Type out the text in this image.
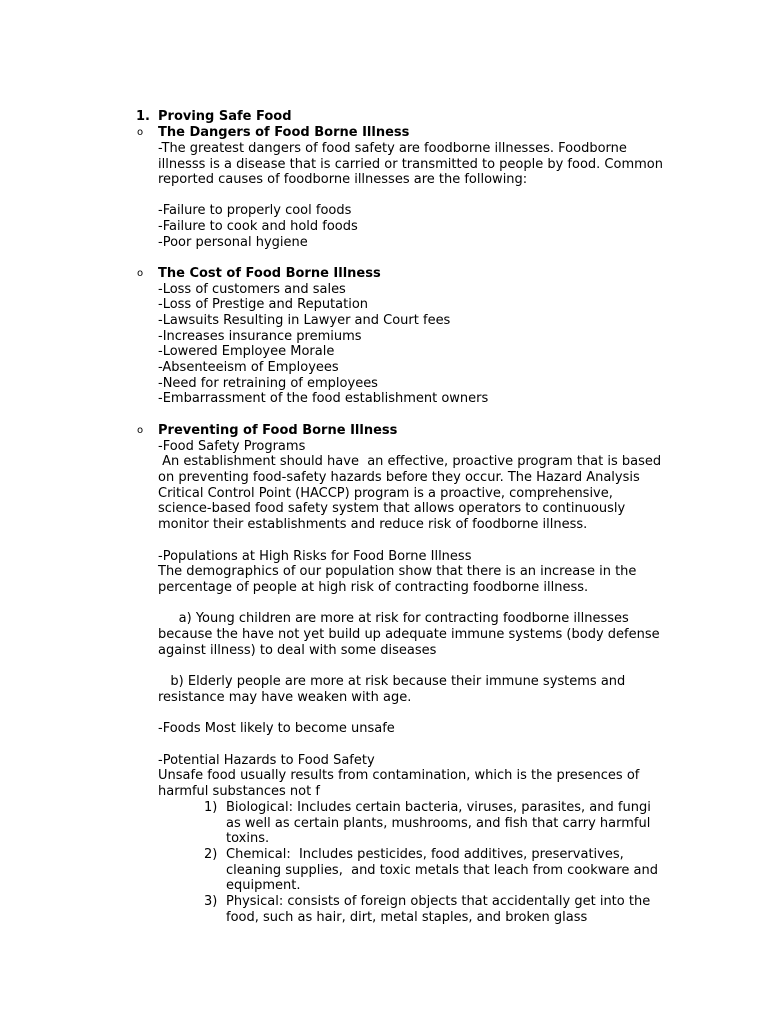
1. Proving Safe Food
o The Dangers of Food Borne Illness
-The greatest dangers of food safety are foodborne illnesses. Foodborne
illnesss is a disease that is carried or transmitted to people by food. Common
reported causes of foodborne illnesses are the following:
-Failure to properly cool foods
-Failure to cook and hold foods
-Poor personal hygiene
o The Cost of Food Borne Illness
-Loss of customers and sales
-Loss of Prestige and Reputation
-Lawsuits Resulting in Lawyer and Court fees
-Increases insurance premiums
-Lowered Employee Morale
-Absenteeism of Employees
-Need for retraining of employees
-Embarrassment of the food establishment owners
o Preventing of Food Borne Illness
-Food Safety Programs
An establishment should have  an effective, proactive program that is based
on preventing food-safety hazards before they occur. The Hazard Analysis
Critical Control Point (HACCP) program is a proactive, comprehensive,
science-based food safety system that allows operators to continuously
monitor their establishments and reduce risk of foodborne illness.
-Populations at High Risks for Food Borne Illness
The demographics of our population show that there is an increase in the
percentage of people at high risk of contracting foodborne illness.
a) Young children are more at risk for contracting foodborne illnesses
because the have not yet build up adequate immune systems (body defense
against illness) to deal with some diseases
b) Elderly people are more at risk because their immune systems and
resistance may have weaken with age.
-Foods Most likely to become unsafe
-Potential Hazards to Food Safety
Unsafe food usually results from contamination, which is the presences of
harmful substances not f
1) Biological: Includes certain bacteria, viruses, parasites, and fungi
as well as certain plants, mushrooms, and fish that carry harmful
toxins.
2) Chemical:  Includes pesticides, food additives, preservatives,
cleaning supplies,  and toxic metals that leach from cookware and
equipment.
3) Physical: consists of foreign objects that accidentally get into the
food, such as hair, dirt, metal staples, and broken glass
